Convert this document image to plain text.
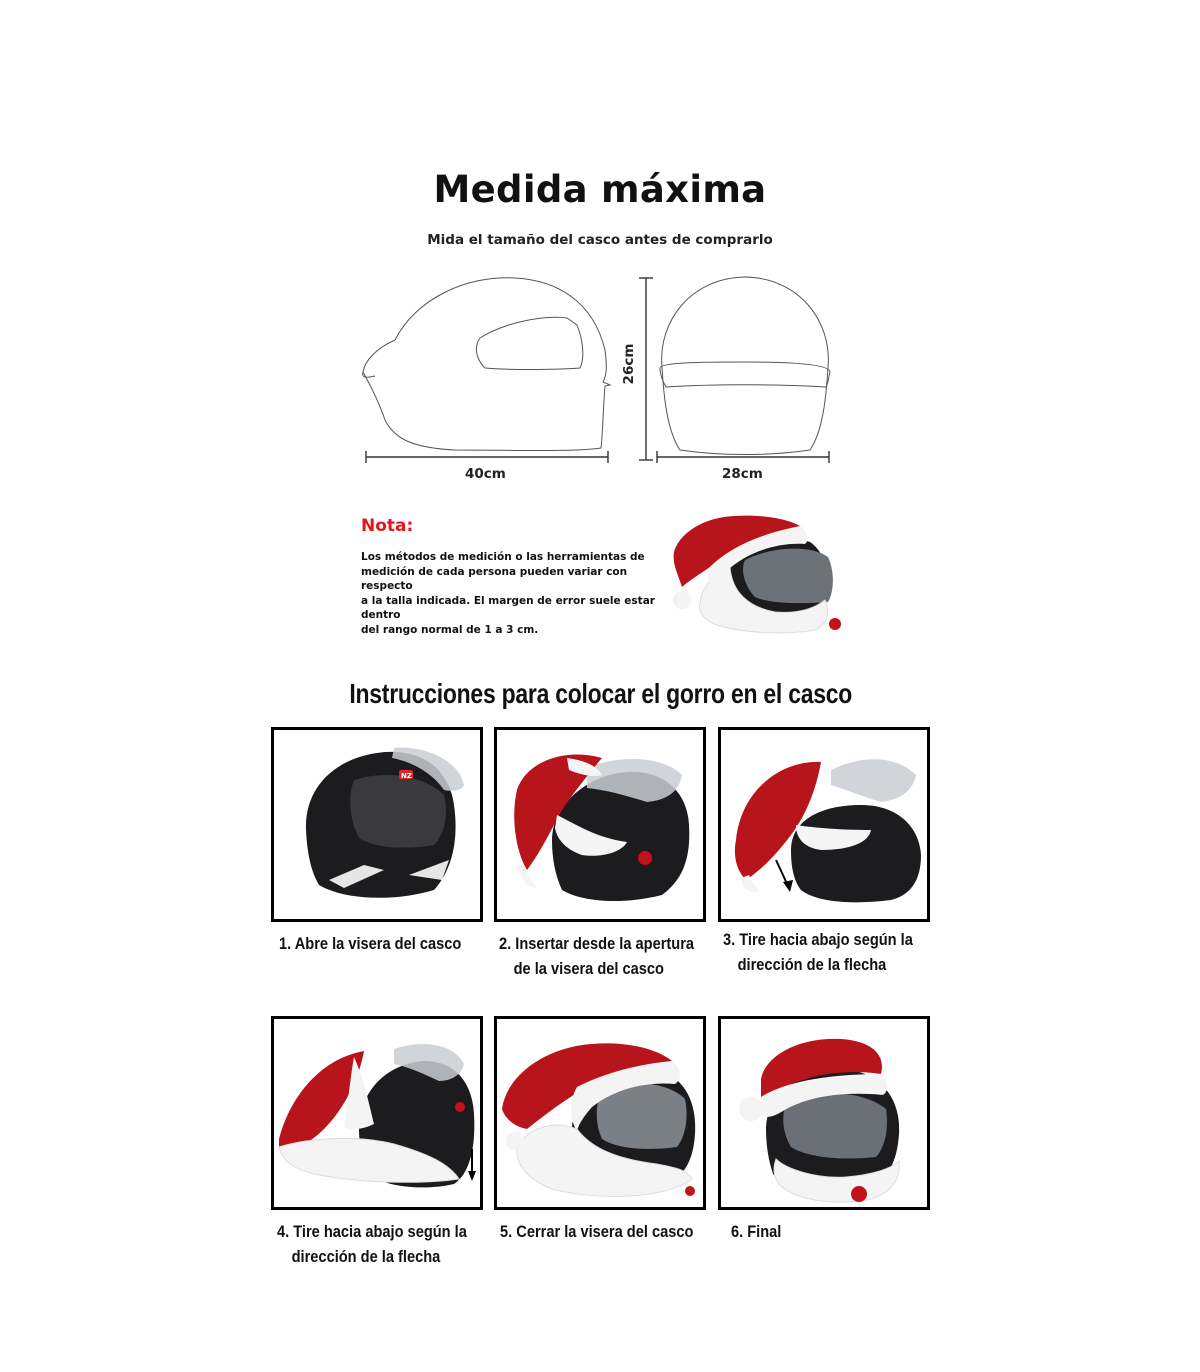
Medida máxima
Mida el tamaño del casco antes de comprarlo
40cm
26cm
28cm
Nota:
Los métodos de medición o las herramientas de
medición de cada persona pueden variar con respecto
a la talla indicada. El margen de error suele estar dentro
del rango normal de 1 a 3 cm.
Instrucciones para colocar el gorro en el casco
NZ
1. Abre la visera del casco 2. Insertar desde la apertura
de la visera del casco
3. Tire hacia abajo según la
dirección de la flecha
4. Tire hacia abajo según la
dirección de la flecha
5. Cerrar la visera del casco 6. Final
